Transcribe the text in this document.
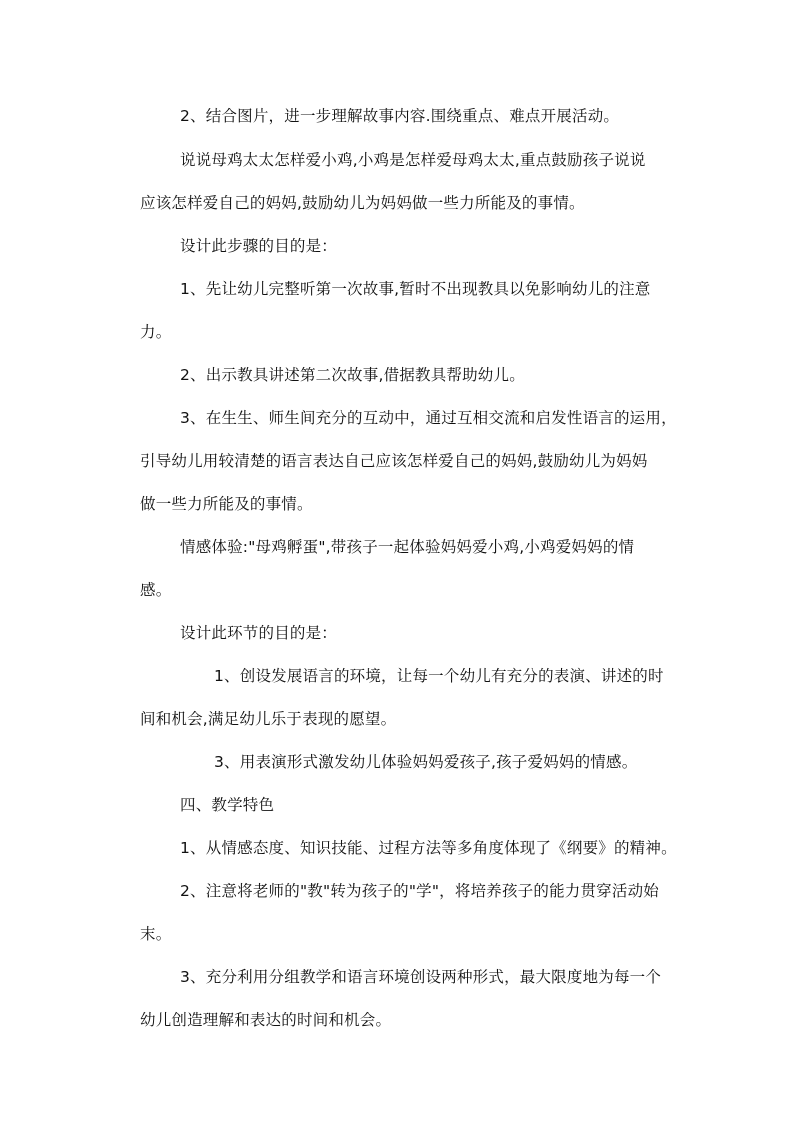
2、结合图片，进一步理解故事内容.围绕重点、难点开展活动。
说说母鸡太太怎样爱小鸡,小鸡是怎样爱母鸡太太,重点鼓励孩子说说
应该怎样爱自己的妈妈,鼓励幼儿为妈妈做一些力所能及的事情。
设计此步骤的目的是：
1、先让幼儿完整听第一次故事,暂时不出现教具以免影响幼儿的注意
力。
2、出示教具讲述第二次故事,借据教具帮助幼儿。
3、在生生、师生间充分的互动中，通过互相交流和启发性语言的运用，
引导幼儿用较清楚的语言表达自己应该怎样爱自己的妈妈,鼓励幼儿为妈妈
做一些力所能及的事情。
情感体验:"母鸡孵蛋",带孩子一起体验妈妈爱小鸡,小鸡爱妈妈的情
感。
设计此环节的目的是：
1、创设发展语言的环境，让每一个幼儿有充分的表演、讲述的时
间和机会,满足幼儿乐于表现的愿望。
3、用表演形式激发幼儿体验妈妈爱孩子,孩子爱妈妈的情感。
四、教学特色
1、从情感态度、知识技能、过程方法等多角度体现了《纲要》的精神。
2、注意将老师的"教"转为孩子的"学"，将培养孩子的能力贯穿活动始
末。
3、充分利用分组教学和语言环境创设两种形式，最大限度地为每一个
幼儿创造理解和表达的时间和机会。
